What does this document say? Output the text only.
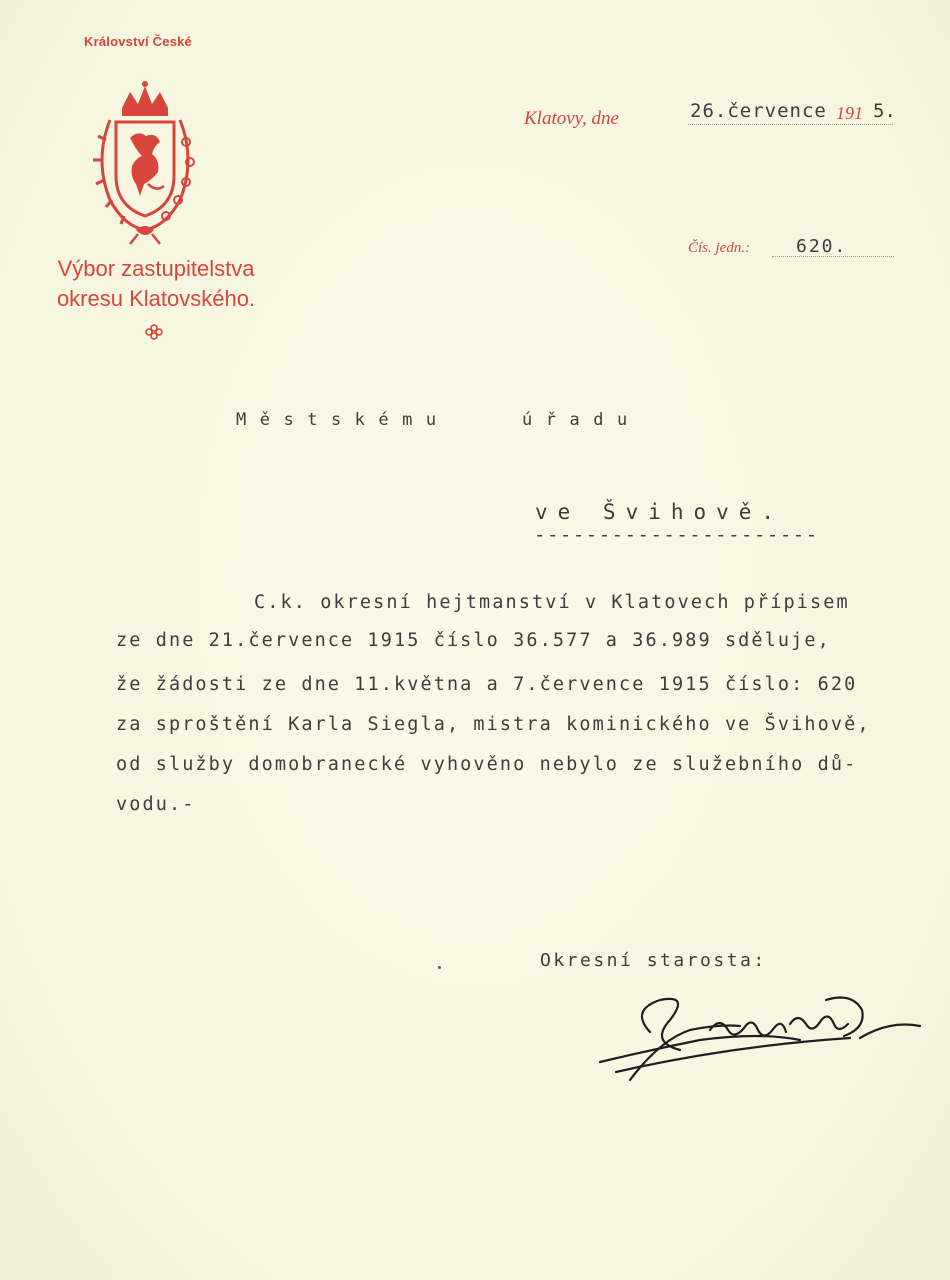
Království České
Výbor zastupitelstva
okresu Klatovského.
Klatovy, dne	26.července 191 5.
Čís. jedn.:	620.
Městskému	úřadu
ve Švihově.
----------------------
C.k. okresní hejtmanství v Klatovech přípisem
ze dne 21.července 1915 číslo 36.577 a 36.989 sděluje,
že žádosti ze dne 11.května a 7.července 1915 číslo: 620
za sproštění Karla Siegla, mistra kominického ve Švihově,
od služby domobranecké vyhověno nebylo ze služebního dů-
vodu.-
Okresní starosta:
